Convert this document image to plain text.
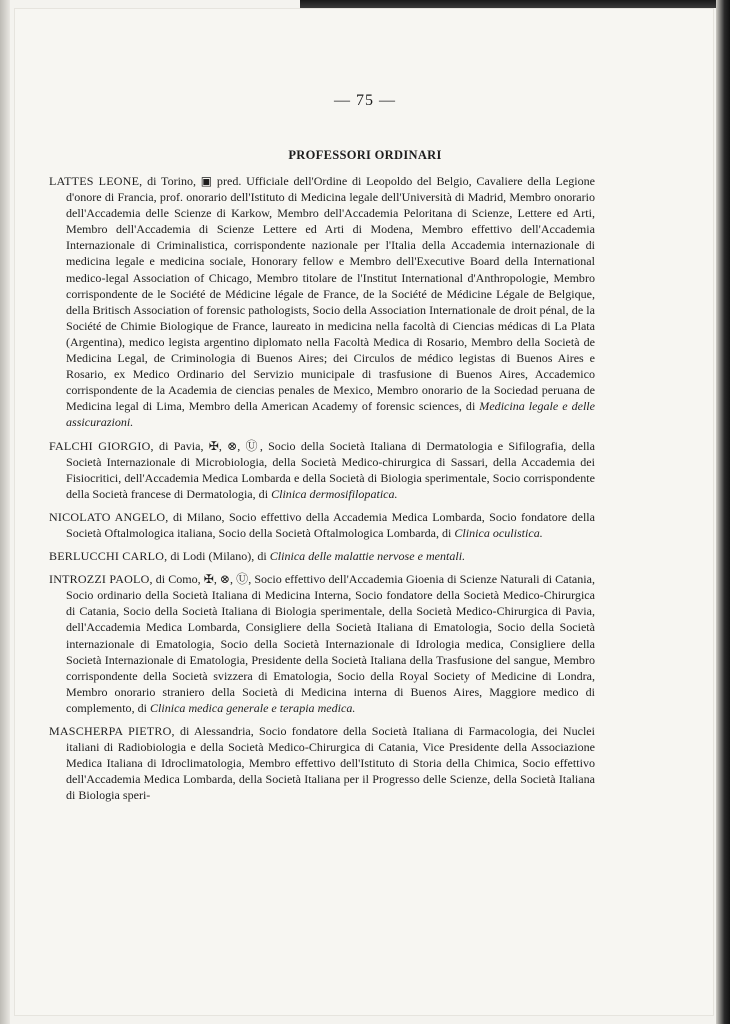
— 75 —
PROFESSORI ORDINARI

LATTES LEONE, di Torino, ▣ pred. Ufficiale dell'Ordine di Leopoldo del Belgio, Cavaliere della Legione d'onore di Francia, prof. onorario dell'Istituto di Medicina legale dell'Università di Madrid, Membro onorario dell'Accademia delle Scienze di Karkow, Membro dell'Accademia Peloritana di Scienze, Lettere ed Arti, Membro dell'Accademia di Scienze Lettere ed Arti di Modena, Membro effettivo dell'Accademia Internazionale di Criminalistica, corrispondente nazionale per l'Italia della Accademia internazionale di medicina legale e medicina sociale, Honorary fellow e Membro dell'Executive Board della International medico-legal Association of Chicago, Membro titolare de l'Institut International d'Anthropologie, Membro corrispondente de le Société de Médicine légale de France, de la Société de Médicine Légale de Belgique, della Britisch Association of forensic pathologists, Socio della Association Internationale de droit pénal, de la Société de Chimie Biologique de France, laureato in medicina nella facoltà di Ciencias médicas di La Plata (Argentina), medico legista argentino diplomato nella Facoltà Medica di Rosario, Membro della Società de Medicina Legal, de Criminologia di Buenos Aires; dei Circulos de médico legistas di Buenos Aires e Rosario, ex Medico Ordinario del Servizio municipale di trasfusione di Buenos Aires, Accademico corrispondente de la Academia de ciencias penales de Mexico, Membro onorario de la Sociedad peruana de Medicina legal di Lima, Membro della American Academy of forensic sciences, di Medicina legale e delle assicurazioni.

FALCHI GIORGIO, di Pavia, ✠, ⊗, Ⓤ, Socio della Società Italiana di Dermatologia e Sifilografia, della Società Internazionale di Microbiologia, della Società Medico-chirurgica di Sassari, della Accademia dei Fisiocritici, dell'Accademia Medica Lombarda e della Società di Biologia sperimentale, Socio corrispondente della Società francese di Dermatologia, di Clinica dermosifilopatica.

NICOLATO ANGELO, di Milano, Socio effettivo della Accademia Medica Lombarda, Socio fondatore della Società Oftalmologica italiana, Socio della Società Oftalmologica Lombarda, di Clinica oculistica.

BERLUCCHI CARLO, di Lodi (Milano), di Clinica delle malattie nervose e mentali.

INTROZZI PAOLO, di Como, ✠, ⊗, Ⓤ, Socio effettivo dell'Accademia Gioenia di Scienze Naturali di Catania, Socio ordinario della Società Italiana di Medicina Interna, Socio fondatore della Società Medico-Chirurgica di Catania, Socio della Società Italiana di Biologia sperimentale, della Società Medico-Chirurgica di Pavia, dell'Accademia Medica Lombarda, Consigliere della Società Italiana di Ematologia, Socio della Società internazionale di Ematologia, Socio della Società Internazionale di Idrologia medica, Consigliere della Società Internazionale di Ematologia, Presidente della Società Italiana della Trasfusione del sangue, Membro corrispondente della Società svizzera di Ematologia, Socio della Royal Society of Medicine di Londra, Membro onorario straniero della Società di Medicina interna di Buenos Aires, Maggiore medico di complemento, di Clinica medica generale e terapia medica.

MASCHERPA PIETRO, di Alessandria, Socio fondatore della Società Italiana di Farmacologia, dei Nuclei italiani di Radiobiologia e della Società Medico-Chirurgica di Catania, Vice Presidente della Associazione Medica Italiana di Idroclimatologia, Membro effettivo dell'Istituto di Storia della Chimica, Socio effettivo dell'Accademia Medica Lombarda, della Società Italiana per il Progresso delle Scienze, della Società Italiana di Biologia speri-
